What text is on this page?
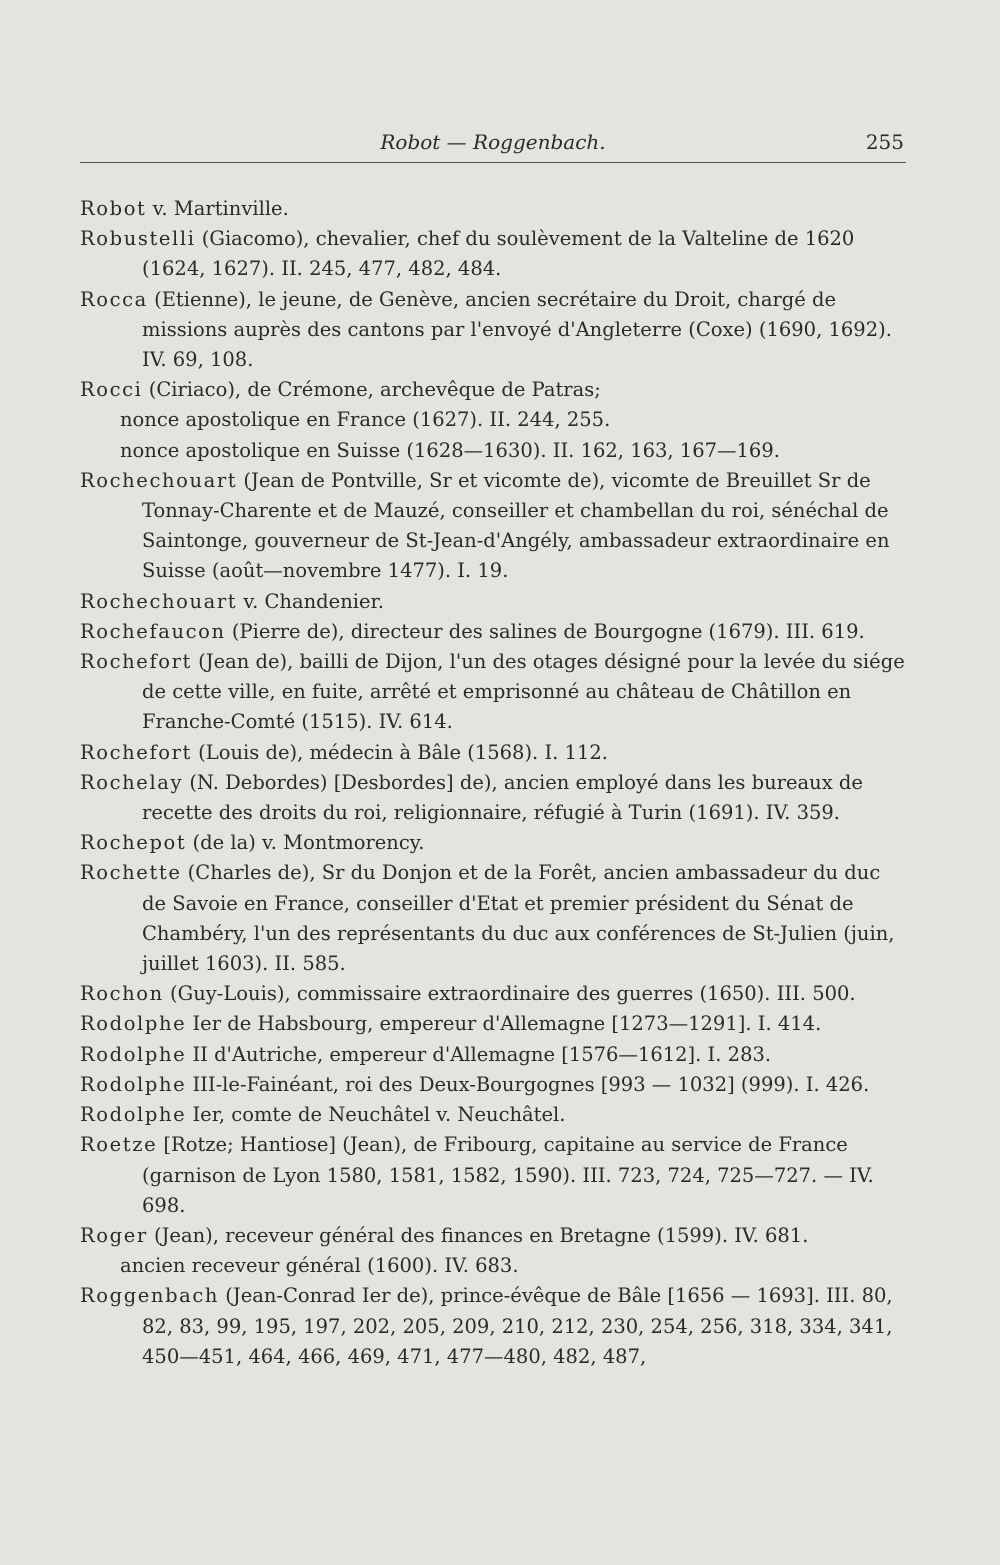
Robot — Roggenbach.	255

Robot v. Martinville.

Robustelli (Giacomo), chevalier, chef du soulèvement de la Valteline de 1620 (1624, 1627). II. 245, 477, 482, 484.

Rocca (Etienne), le jeune, de Genève, ancien secrétaire du Droit, chargé de missions auprès des cantons par l'envoyé d'Angleterre (Coxe) (1690, 1692). IV. 69, 108.

Rocci (Ciriaco), de Crémone, archevêque de Patras;

nonce apostolique en France (1627). II. 244, 255.

nonce apostolique en Suisse (1628—1630). II. 162, 163, 167—169.

Rochechouart (Jean de Pontville, Sr et vicomte de), vicomte de Breuillet Sr de Tonnay-Charente et de Mauzé, conseiller et chambellan du roi, sénéchal de Saintonge, gouverneur de St-Jean-d'Angély, ambassadeur extraordinaire en Suisse (août—novembre 1477). I. 19.

Rochechouart v. Chandenier.

Rochefaucon (Pierre de), directeur des salines de Bourgogne (1679). III. 619.

Rochefort (Jean de), bailli de Dijon, l'un des otages désigné pour la levée du siége de cette ville, en fuite, arrêté et emprisonné au château de Châtillon en Franche-Comté (1515). IV. 614.

Rochefort (Louis de), médecin à Bâle (1568). I. 112.

Rochelay (N. Debordes) [Desbordes] de), ancien employé dans les bureaux de recette des droits du roi, religionnaire, réfugié à Turin (1691). IV. 359.

Rochepot (de la) v. Montmorency.

Rochette (Charles de), Sr du Donjon et de la Forêt, ancien ambassadeur du duc de Savoie en France, conseiller d'Etat et premier président du Sénat de Chambéry, l'un des représentants du duc aux conférences de St-Julien (juin, juillet 1603). II. 585.

Rochon (Guy-Louis), commissaire extraordinaire des guerres (1650). III. 500.

Rodolphe Ier de Habsbourg, empereur d'Allemagne [1273—1291]. I. 414.

Rodolphe II d'Autriche, empereur d'Allemagne [1576—1612]. I. 283.

Rodolphe III-le-Fainéant, roi des Deux-Bourgognes [993 — 1032] (999). I. 426.

Rodolphe Ier, comte de Neuchâtel v. Neuchâtel.

Roetze [Rotze; Hantiose] (Jean), de Fribourg, capitaine au service de France (garnison de Lyon 1580, 1581, 1582, 1590). III. 723, 724, 725—727. — IV. 698.

Roger (Jean), receveur général des finances en Bretagne (1599). IV. 681.

ancien receveur général (1600). IV. 683.

Roggenbach (Jean-Conrad Ier de), prince-évêque de Bâle [1656 — 1693]. III. 80, 82, 83, 99, 195, 197, 202, 205, 209, 210, 212, 230, 254, 256, 318, 334, 341, 450—451, 464, 466, 469, 471, 477—480, 482, 487,
